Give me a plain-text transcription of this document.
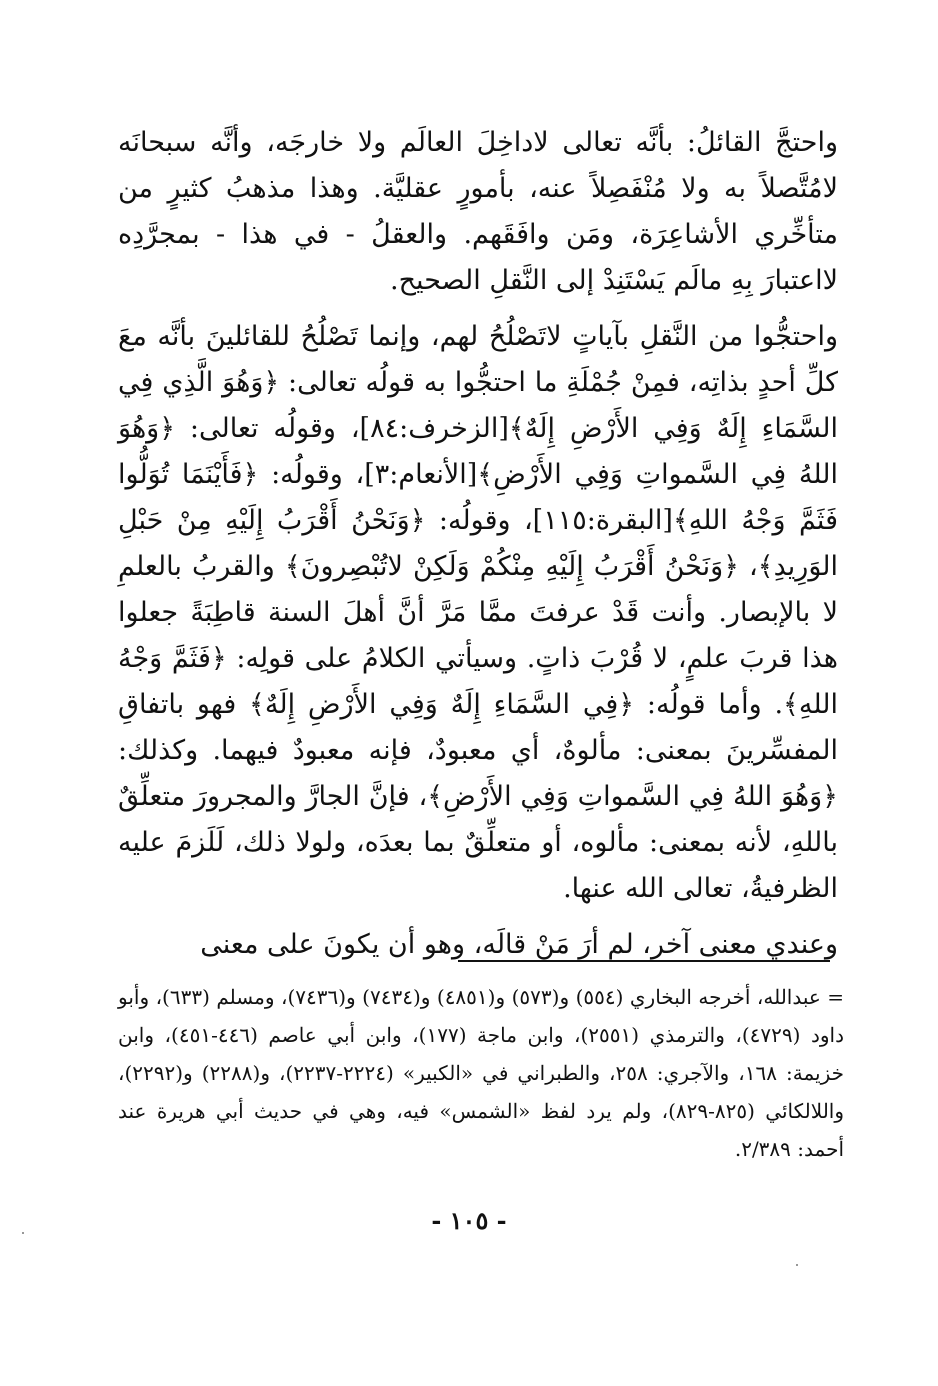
واحتجَّ القائلُ: بأنَّه تعالى لاداخِلَ العالَم ولا خارجَه، وأنَّه سبحانَه لامُتَّصلاً به ولا مُنْفَصِلاً عنه، بأمورٍ عقليَّة. وهذا مذهبُ كثيرٍ من متأخِّري الأشاعِرَة، ومَن وافَقَهم. والعقلُ - في هذا - بمجرَّدِه لااعتبارَ بِهِ مالَم يَسْتَنِدْ إلى النَّقلِ الصحيح.

واحتجُّوا من النَّقلِ بآياتٍ لاتَصْلُحُ لهم، وإنما تَصْلُحُ للقائلينَ بأنَّه معَ كلِّ أحدٍ بذاتِه، فمِنْ جُمْلَةِ ما احتجُّوا به قولُه تعالى: ﴿وَهُوَ الَّذِي فِي السَّمَاءِ إِلَهٌ وَفِي الأَرْضِ إِلَهٌ﴾[الزخرف:٨٤]، وقولُه تعالى: ﴿وَهُوَ اللهُ فِي السَّمواتِ وَفِي الأَرْضِ﴾[الأنعام:٣]، وقولُه: ﴿فَأَيْنَمَا تُوَلُّوا فَثَمَّ وَجْهُ اللهِ﴾[البقرة:١١٥]، وقولُه: ﴿وَنَحْنُ أَقْرَبُ إِلَيْهِ مِنْ حَبْلِ الوَرِيدِ﴾، ﴿وَنَحْنُ أَقْرَبُ إِلَيْهِ مِنْكُمْ وَلَكِنْ لاتُبْصِرونَ﴾ والقربُ بالعلمِ لا بالإبصار. وأنت قَدْ عرفتَ ممَّا مَرَّ أنَّ أهلَ السنة قاطِبَةً جعلوا هذا قربَ علمٍ، لا قُرْبَ ذاتٍ. وسيأتي الكلامُ على قولِه: ﴿فَثَمَّ وَجْهُ اللهِ﴾. وأما قولُه: ﴿فِي السَّمَاءِ إِلَهٌ وَفِي الأَرْضِ إِلَهٌ﴾ فهو باتفاقِ المفسِّرينَ بمعنى: مألوهٌ، أي معبودٌ، فإنه معبودٌ فيهما. وكذلك: ﴿وَهُوَ اللهُ فِي السَّمواتِ وَفِي الأَرْضِ﴾، فإنَّ الجارَّ والمجرورَ متعلِّقٌ باللهِ، لأنه بمعنى: مألوه، أو متعلِّقٌ بما بعدَه، ولولا ذلك، لَلَزمَ عليه الظرفيةُ، تعالى الله عنها.

وعندي معنى آخر، لم أرَ مَنْ قالَه، وهو أن يكونَ على معنى

= عبدالله، أخرجه البخاري (٥٥٤) و(٥٧٣) و(٤٨٥١) و(٧٤٣٤) و(٧٤٣٦)، ومسلم (٦٣٣)، وأبو داود (٤٧٢٩)، والترمذي (٢٥٥١)، وابن ماجة (١٧٧)، وابن أبي عاصم (٤٤٦-٤٥١)، وابن خزيمة: ١٦٨، والآجري: ٢٥٨، والطبراني في «الكبير» (٢٢٢٤-٢٢٣٧)، و(٢٢٨٨) و(٢٢٩٢)، واللالكائي (٨٢٥-٨٢٩)، ولم يرد لفظ «الشمس» فيه، وهي في حديث أبي هريرة عند أحمد: ٢/٣٨٩.

- ١٠٥ -
